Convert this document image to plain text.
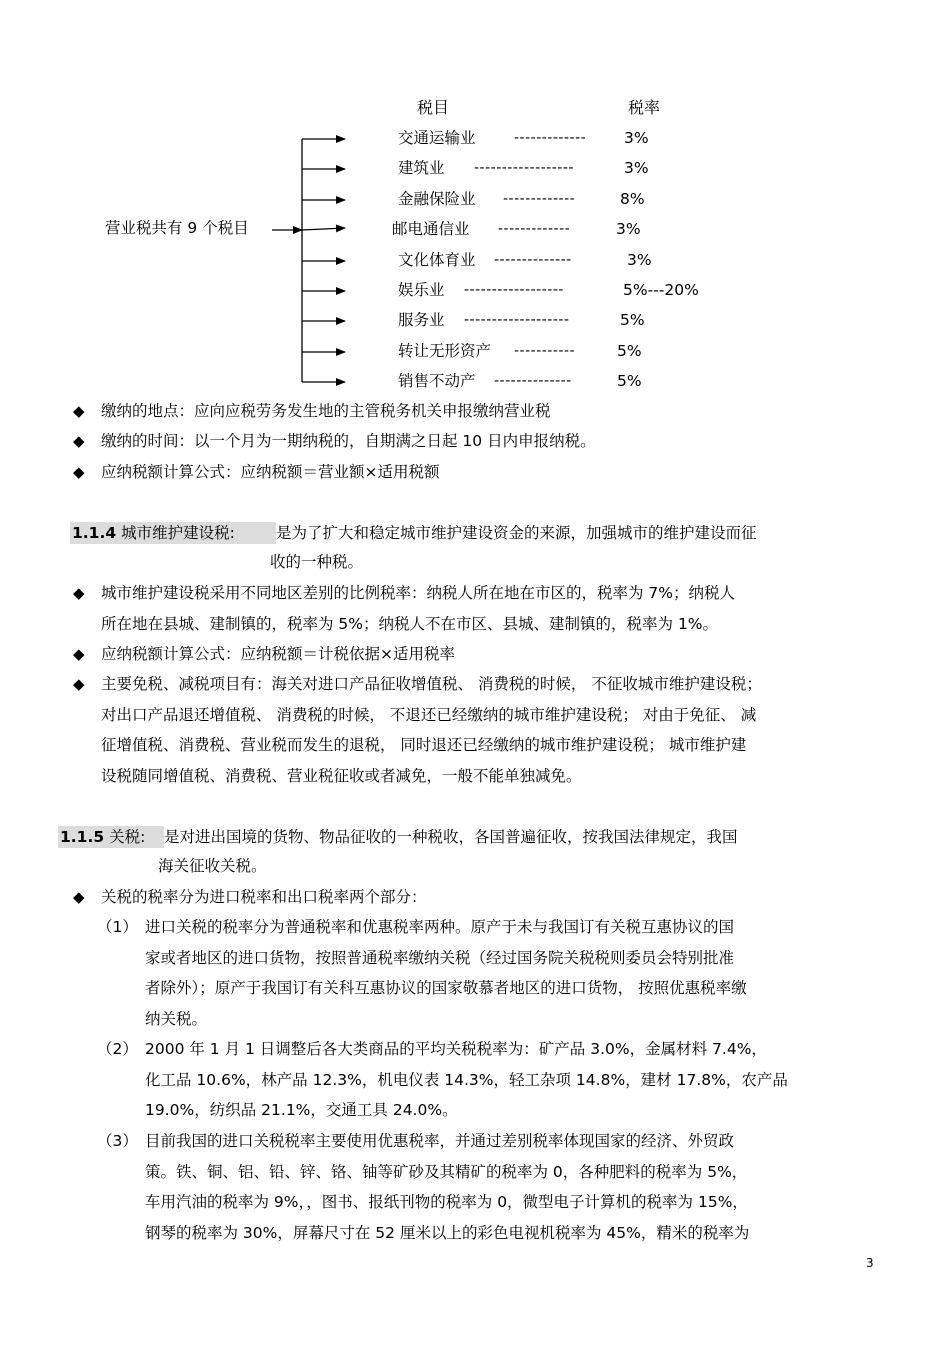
税目	税率
营业税共有 9 个税目
交通运输业	------------- 3%
建筑业 ------------------	3%
金融保险业 -------------	8%
邮电通信业 -------------	3%
文化体育业 --------------	3%
娱乐业 ------------------	5%---20%
服务业 -------------------	5%
转让无形资产 -----------	5%
销售不动产 --------------	5%
◆ 缴纳的地点：应向应税劳务发生地的主管税务机关申报缴纳营业税
◆ 缴纳的时间：以一个月为一期纳税的，自期满之日起 10 日内申报纳税。
◆ 应纳税额计算公式：应纳税额＝营业额×适用税额
1.1.4 城市维护建设税:	是为了扩大和稳定城市维护建设资金的来源，加强城市的维护建设而征
收的一种税。
◆ 城市维护建设税采用不同地区差别的比例税率：纳税人所在地在市区的，税率为 7%；纳税人
所在地在县城、建制镇的，税率为 5%；纳税人不在市区、县城、建制镇的，税率为 1%。
◆ 应纳税额计算公式：应纳税额＝计税依据×适用税率
◆ 主要免税、减税项目有：海关对进口产品征收增值税、 消费税的时候， 不征收城市维护建设税；
对出口产品退还增值税、 消费税的时候， 不退还已经缴纳的城市维护建设税； 对由于免征、 减
征增值税、消费税、营业税而发生的退税， 同时退还已经缴纳的城市维护建设税； 城市维护建
设税随同增值税、消费税、营业税征收或者减免，一般不能单独减免。
1.1.5 关税: 是对进出国境的货物、物品征收的一种税收，各国普遍征收，按我国法律规定，我国
海关征收关税。
◆ 关税的税率分为进口税率和出口税率两个部分：
（1） 进口关税的税率分为普通税率和优惠税率两种。原产于未与我国订有关税互惠协议的国
家或者地区的进口货物，按照普通税率缴纳关税（经过国务院关税税则委员会特别批准
者除外）；原产于我国订有关科互惠协议的国家敬慕者地区的进口货物， 按照优惠税率缴
纳关税。
（2） 2000 年 1 月 1 日调整后各大类商品的平均关税税率为：矿产品 3.0%，金属材料 7.4%，
化工品 10.6%，林产品 12.3%，机电仪表 14.3%，轻工杂项 14.8%，建材 17.8%，农产品
19.0%，纺织品 21.1%，交通工具 24.0%。
（3） 目前我国的进口关税税率主要使用优惠税率，并通过差别税率体现国家的经济、外贸政
策。铁、铜、铝、铅、锌、铬、铀等矿砂及其精矿的税率为 0，各种肥料的税率为 5%，
车用汽油的税率为 9%，，图书、报纸刊物的税率为 0，微型电子计算机的税率为 15%，
钢琴的税率为 30%，屏幕尺寸在 52 厘米以上的彩色电视机税率为 45%，精米的税率为
3
